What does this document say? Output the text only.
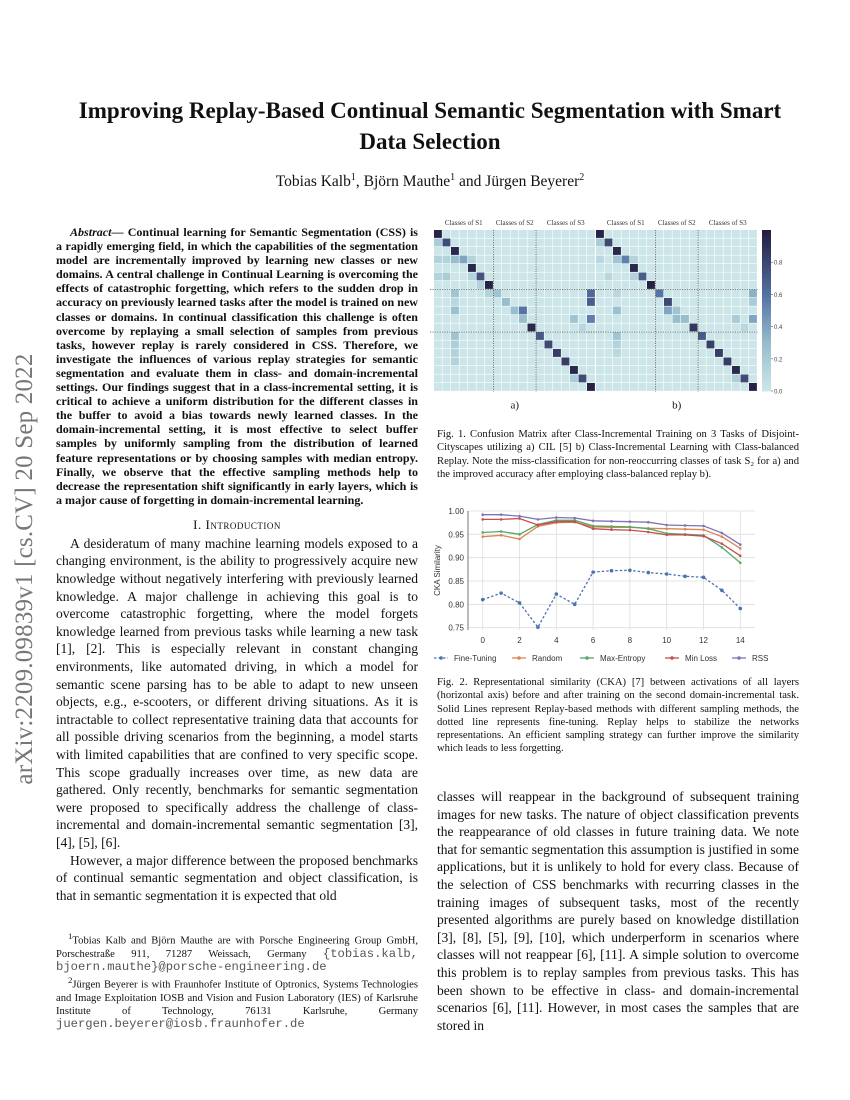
arXiv:2209.09839v1 [cs.CV] 20 Sep 2022
Improving Replay-Based Continual Semantic Segmentation with Smart Data Selection
Tobias Kalb$^1$, Björn Mauthe$^1$ and Jürgen Beyerer$^2$
Abstract— Continual learning for Semantic Segmentation (CSS) is a rapidly emerging field, in which the capabilities of the segmentation model are incrementally improved by learning new classes or new domains. A central challenge in Continual Learning is overcoming the effects of catastrophic forgetting, which refers to the sudden drop in accuracy on previously learned tasks after the model is trained on new classes or domains. In continual classification this challenge is often overcome by replaying a small selection of samples from previous tasks, however replay is rarely considered in CSS. Therefore, we investigate the influences of various replay strategies for semantic segmentation and evaluate them in class- and domain-incremental settings. Our findings suggest that in a class-incremental setting, it is critical to achieve a uniform distribution for the different classes in the buffer to avoid a bias towards newly learned classes. In the domain-incremental setting, it is most effective to select buffer samples by uniformly sampling from the distribution of learned feature representations or by choosing samples with median entropy. Finally, we observe that the effective sampling methods help to decrease the representation shift significantly in early layers, which is a major cause of forgetting in domain-incremental learning.
I. Introduction

A desideratum of many machine learning models exposed to a changing environment, is the ability to progressively acquire new knowledge without negatively interfering with previously learned knowledge. A major challenge in achieving this goal is to overcome catastrophic forgetting, where the model forgets knowledge learned from previous tasks while learning a new task [1], [2]. This is especially relevant in constant changing environments, like automated driving, in which a model for semantic scene parsing has to be able to adapt to new unseen objects, e.g., e-scooters, or different driving situations. As it is intractable to collect representative training data that accounts for all possible driving scenarios from the beginning, a model starts with limited capabilities that are confined to very specific scope. This scope gradually increases over time, as new data are gathered. Only recently, benchmarks for semantic segmentation were proposed to specifically address the challenge of class-incremental and domain-incremental semantic segmentation [3], [4], [5], [6].

However, a major difference between the proposed benchmarks of continual semantic segmentation and object classification, is that in semantic segmentation it is expected that old

$^1$Tobias Kalb and Björn Mauthe are with Porsche Engineering Group GmbH, Porschestraße 911, 71287 Weissach, Germany {tobias.kalb, bjoern.mauthe}@porsche-engineering.de

$^2$Jürgen Beyerer is with Fraunhofer Institute of Optronics, Systems Technologies and Image Exploitation IOSB and Vision and Fusion Laboratory (IES) of Karlsruhe Institute of Technology, 76131 Karlsruhe, Germany juergen.beyerer@iosb.fraunhofer.de

Classes of S1 Classes of S2 Classes of S3
a)
Classes of S1 Classes of S2 Classes of S3
b)
0.0
0.2
0.4
0.6
0.8
Fig. 1. Confusion Matrix after Class-Incremental Training on 3 Tasks of Disjoint-Cityscapes utilizing a) CIL [5] b) Class-Incremental Learning with Class-balanced Replay. Note the miss-classification for non-reoccurring classes of task S₂ for a) and the improved accuracy after employing class-balanced replay b).
0.75
0.80
0.85
0.90
0.95
1.00
0	2	4	6	8	10	12	14
CKA Similarity
Fine-Tuning	Random	Max-Entropy	Min Loss	RSS
Fig. 2. Representational similarity (CKA) [7] between activations of all layers (horizontal axis) before and after training on the second domain-incremental task. Solid Lines represent Replay-based methods with different sampling methods, the dotted line represents fine-tuning. Replay helps to stabilize the networks representations. An efficient sampling strategy can further improve the similarity which leads to less forgetting.

classes will reappear in the background of subsequent training images for new tasks. The nature of object classification prevents the reappearance of old classes in future training data. We note that for semantic segmentation this assumption is justified in some applications, but it is unlikely to hold for every class. Because of the selection of CSS benchmarks with recurring classes in the training images of subsequent tasks, most of the recently presented algorithms are purely based on knowledge distillation [3], [8], [5], [9], [10], which underperform in scenarios where classes will not reappear [6], [11]. A simple solution to overcome this problem is to replay samples from previous tasks. This has been shown to be effective in class- and domain-incremental scenarios [6], [11]. However, in most cases the samples that are stored in
